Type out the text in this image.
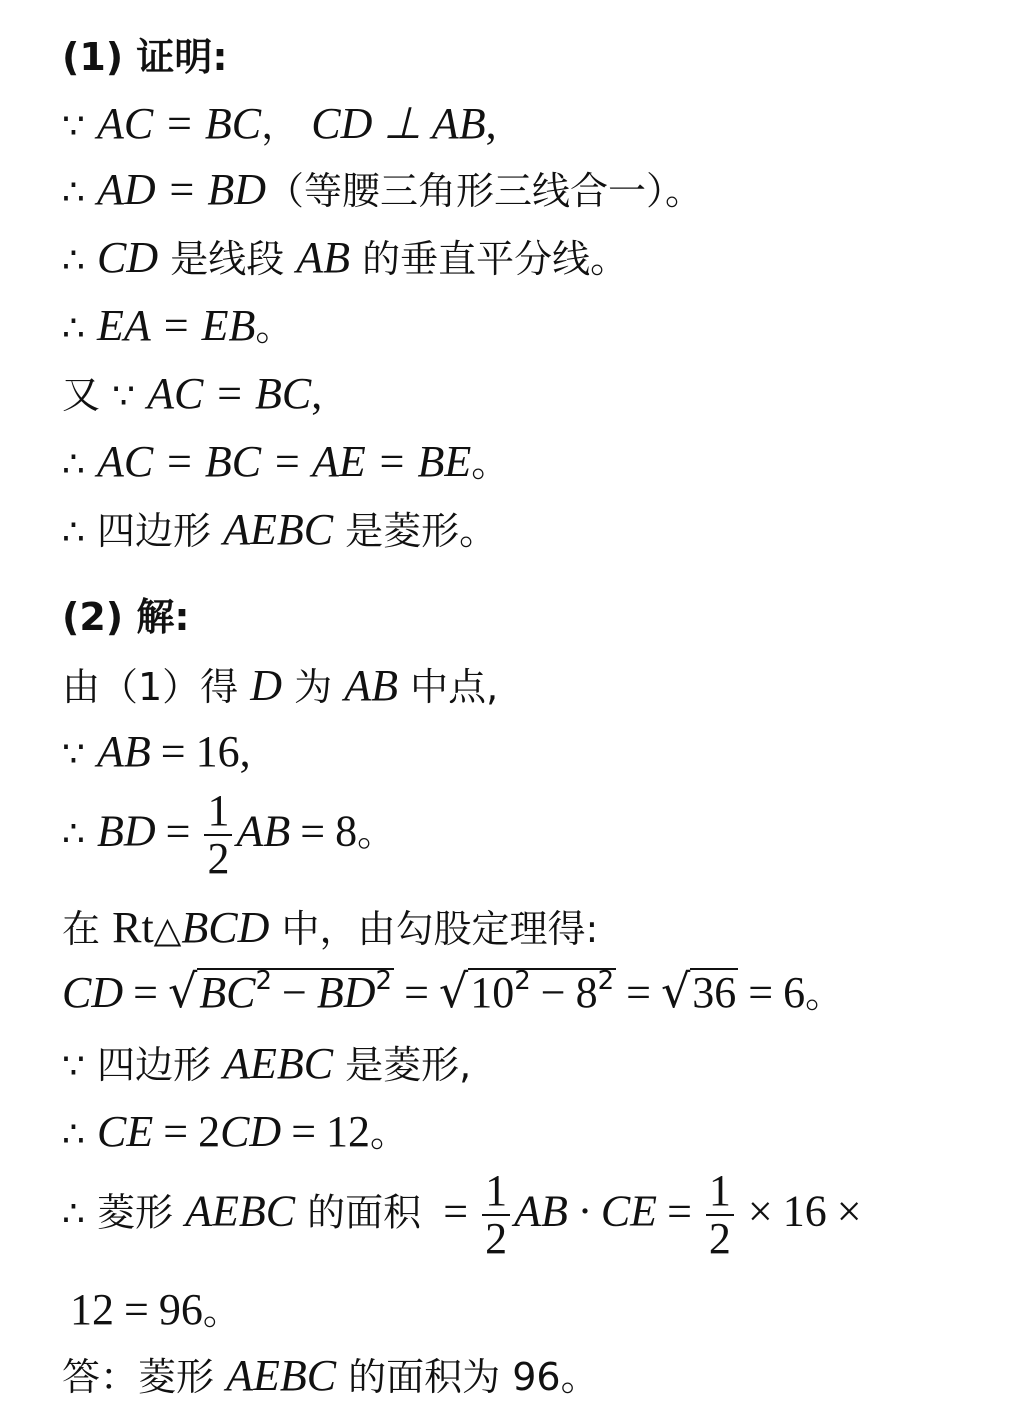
(1) 证明:
∵ AC = BC， CD ⊥ AB,
∴ AD = BD（等腰三角形三线合一）。
∴ CD 是线段 AB 的垂直平分线。
∴ EA = EB。
又 ∵ AC = BC,
∴ AC = BC = AE = BE。
∴ 四边形 AEBC 是菱形。
(2) 解:
由（1）得 D 为 AB 中点,
∵ AB = 16,
∴ BD = $\frac{1}{2}$ AB = 8。
在 Rt△BCD 中，由勾股定理得:
CD = $√BC^2 - BD^2 = √10^2 - 8^2 = √36 = 6$。
∵ 四边形 AEBC 是菱形,
∴ CE = 2CD = 12。
∴ 菱形 AEBC 的面积 = $\frac{1}{2}$ AB · CE = $\frac{1}{2} \times 16$ ×
12 = 96。
答：菱形 AEBC 的面积为 96。
